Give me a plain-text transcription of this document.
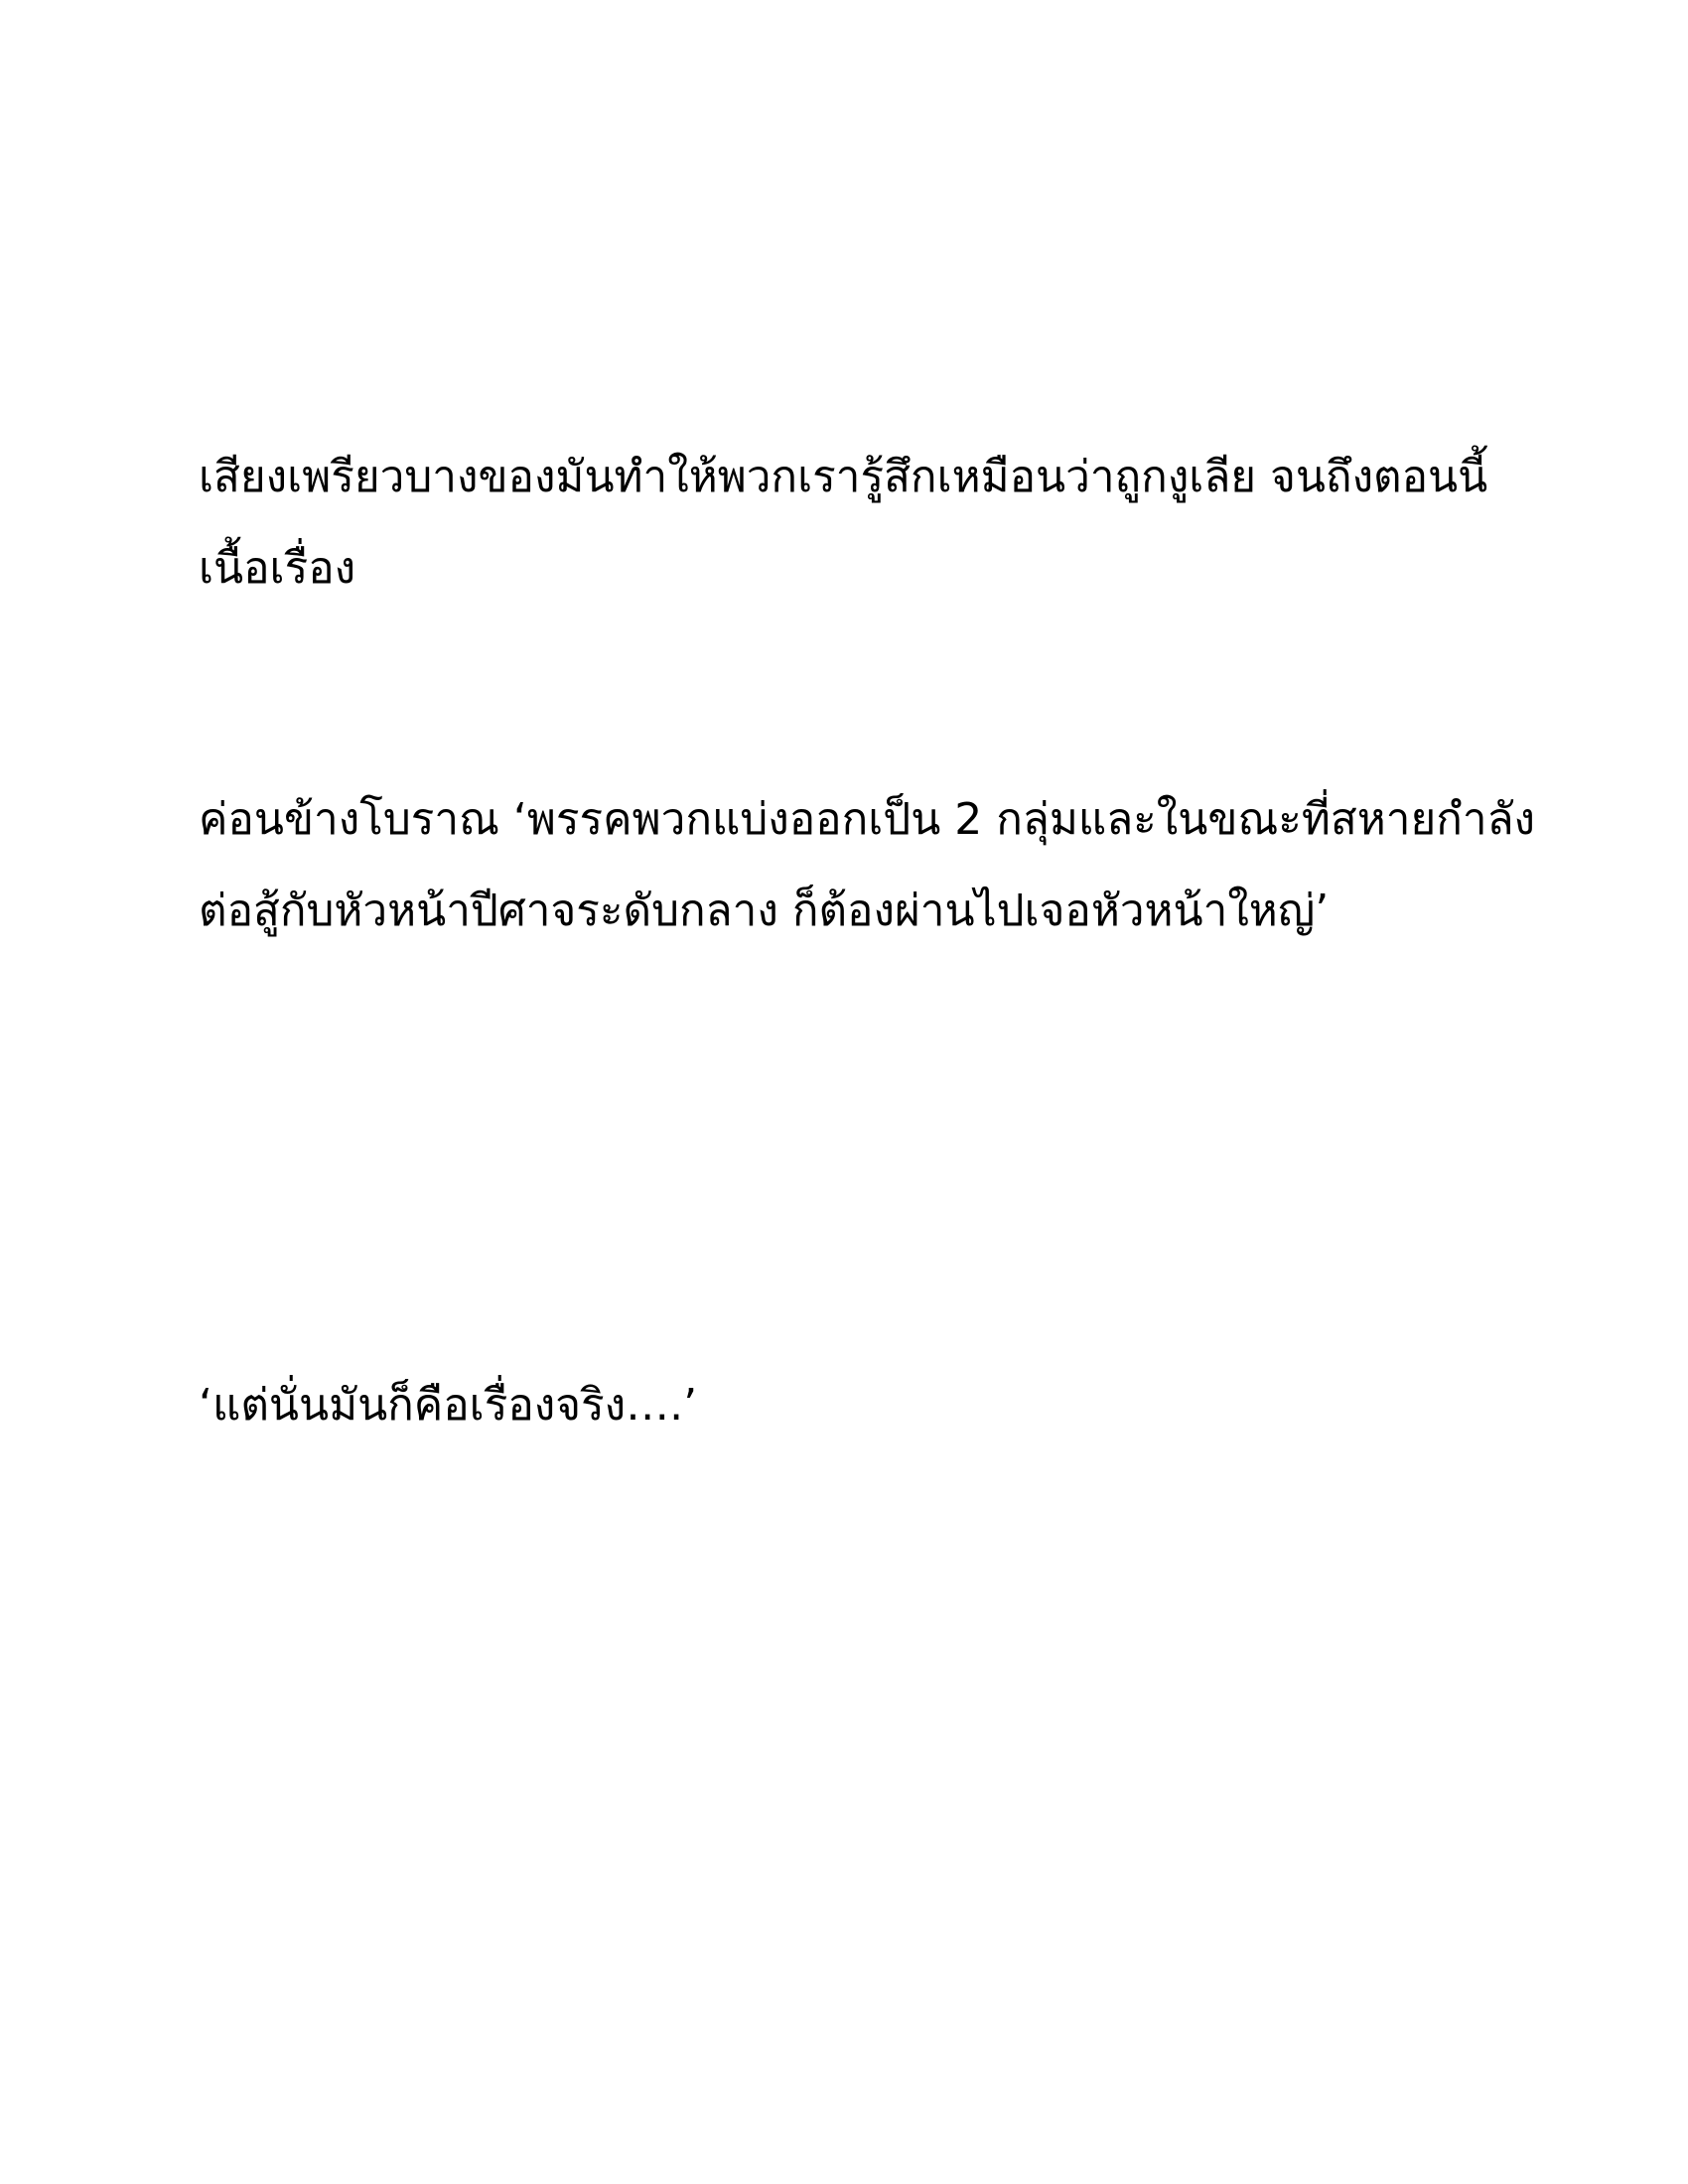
เสียงเพรียวบางของมันทำให้พวกเรารู้สึกเหมือนว่าถูกงูเลีย จนถึงตอนนี้
เนื้อเรื่อง
ค่อนข้างโบราณ ‘พรรคพวกแบ่งออกเป็น 2 กลุ่มและในขณะที่สหายกำลัง
ต่อสู้กับหัวหน้าปีศาจระดับกลาง ก็ต้องผ่านไปเจอหัวหน้าใหญ่’
‘แต่นั่นมันก็คือเรื่องจริง….’
